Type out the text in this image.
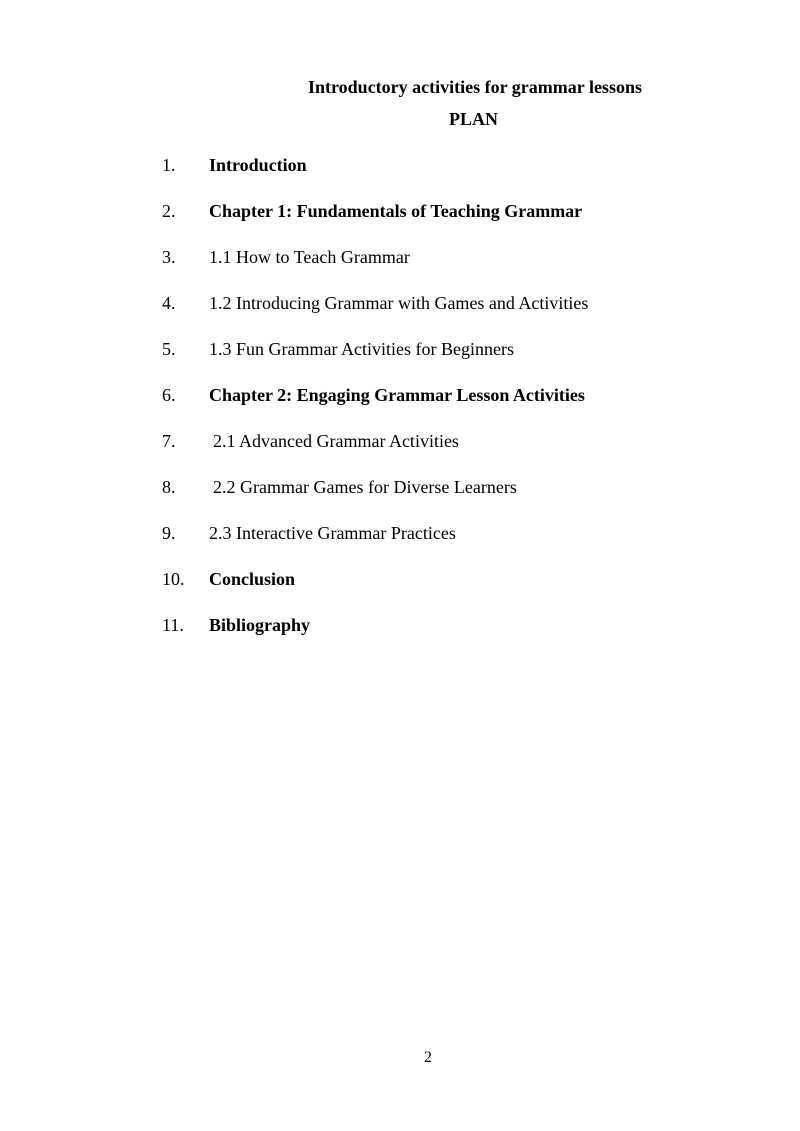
Introductory activities for grammar lessons
PLAN
1. Introduction
2. Chapter 1: Fundamentals of Teaching Grammar
3. 1.1 How to Teach Grammar
4. 1.2 Introducing Grammar with Games and Activities
5. 1.3 Fun Grammar Activities for Beginners
6. Chapter 2: Engaging Grammar Lesson Activities
7. 2.1 Advanced Grammar Activities
8. 2.2 Grammar Games for Diverse Learners
9. 2.3 Interactive Grammar Practices
10. Conclusion
11. Bibliography
2
